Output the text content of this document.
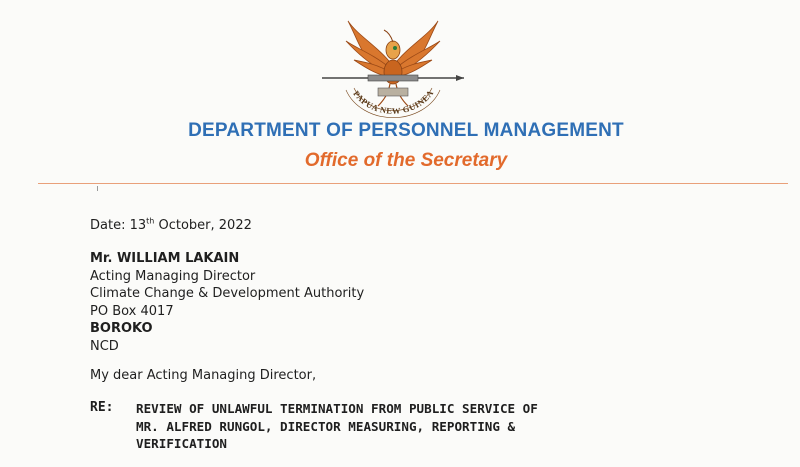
PAPUA NEW GUINEA
DEPARTMENT OF PERSONNEL MANAGEMENT
Office of the Secretary
Date: 13th October, 2022
Mr. WILLIAM LAKAIN
Acting Managing Director
Climate Change & Development Authority
PO Box 4017
BOROKO
NCD
My dear Acting Managing Director,
RE: REVIEW OF UNLAWFUL TERMINATION FROM PUBLIC SERVICE OF
MR. ALFRED RUNGOL, DIRECTOR MEASURING, REPORTING &
VERIFICATION
